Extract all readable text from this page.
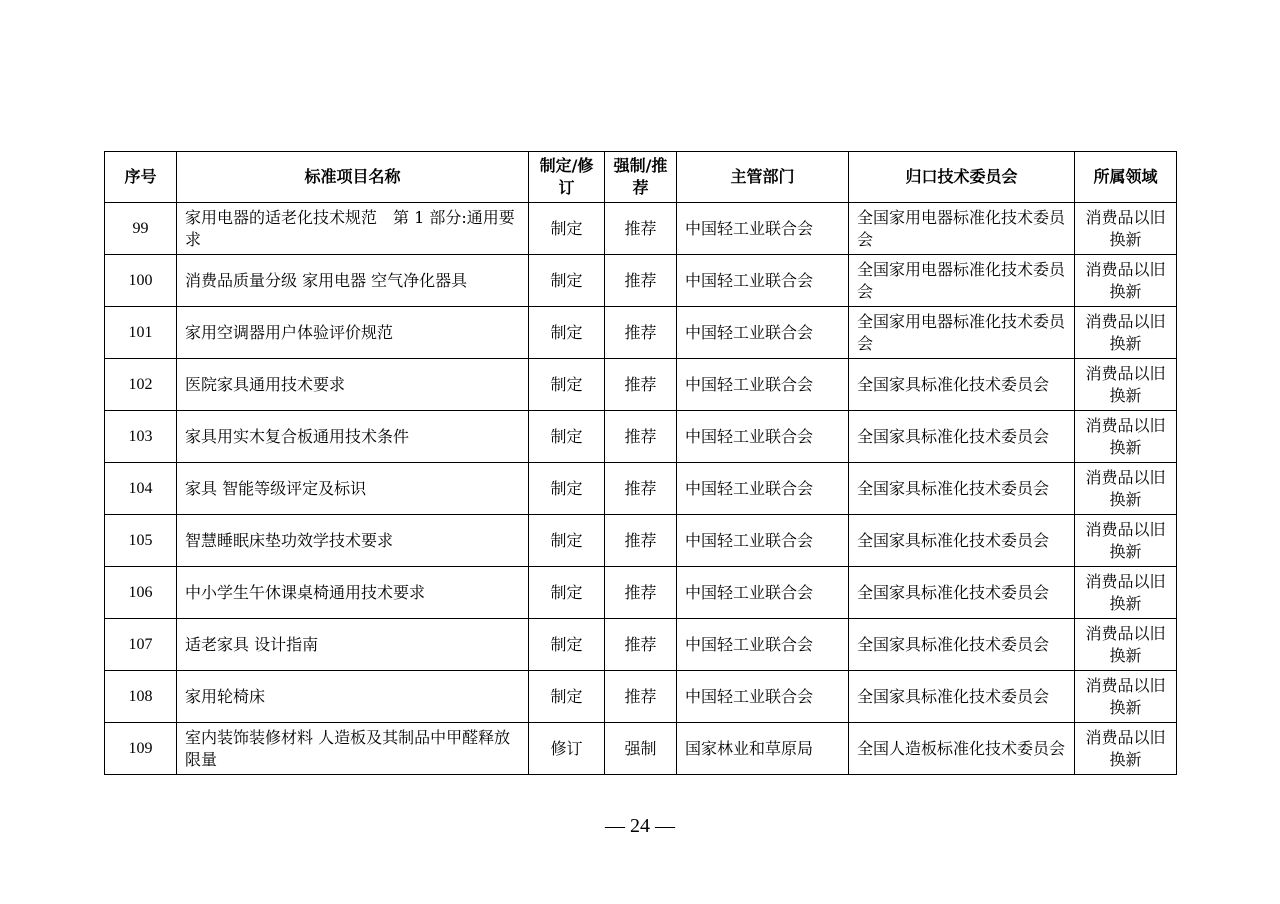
序号	标准项目名称	制定/修订	强制/推荐	主管部门	归口技术委员会	所属领域
99	家用电器的适老化技术规范　第 1 部分:通用要求	制定	推荐	中国轻工业联合会	全国家用电器标准化技术委员会	消费品以旧换新
100	消费品质量分级 家用电器 空气净化器具	制定	推荐	中国轻工业联合会	全国家用电器标准化技术委员会	消费品以旧换新
101	家用空调器用户体验评价规范	制定	推荐	中国轻工业联合会	全国家用电器标准化技术委员会	消费品以旧换新
102	医院家具通用技术要求	制定	推荐	中国轻工业联合会	全国家具标准化技术委员会	消费品以旧换新
103	家具用实木复合板通用技术条件	制定	推荐	中国轻工业联合会	全国家具标准化技术委员会	消费品以旧换新
104	家具 智能等级评定及标识	制定	推荐	中国轻工业联合会	全国家具标准化技术委员会	消费品以旧换新
105	智慧睡眠床垫功效学技术要求	制定	推荐	中国轻工业联合会	全国家具标准化技术委员会	消费品以旧换新
106	中小学生午休课桌椅通用技术要求	制定	推荐	中国轻工业联合会	全国家具标准化技术委员会	消费品以旧换新
107	适老家具 设计指南	制定	推荐	中国轻工业联合会	全国家具标准化技术委员会	消费品以旧换新
108	家用轮椅床	制定	推荐	中国轻工业联合会	全国家具标准化技术委员会	消费品以旧换新
109	室内装饰装修材料 人造板及其制品中甲醛释放限量	修订	强制	国家林业和草原局	全国人造板标准化技术委员会	消费品以旧换新
— 24 —
